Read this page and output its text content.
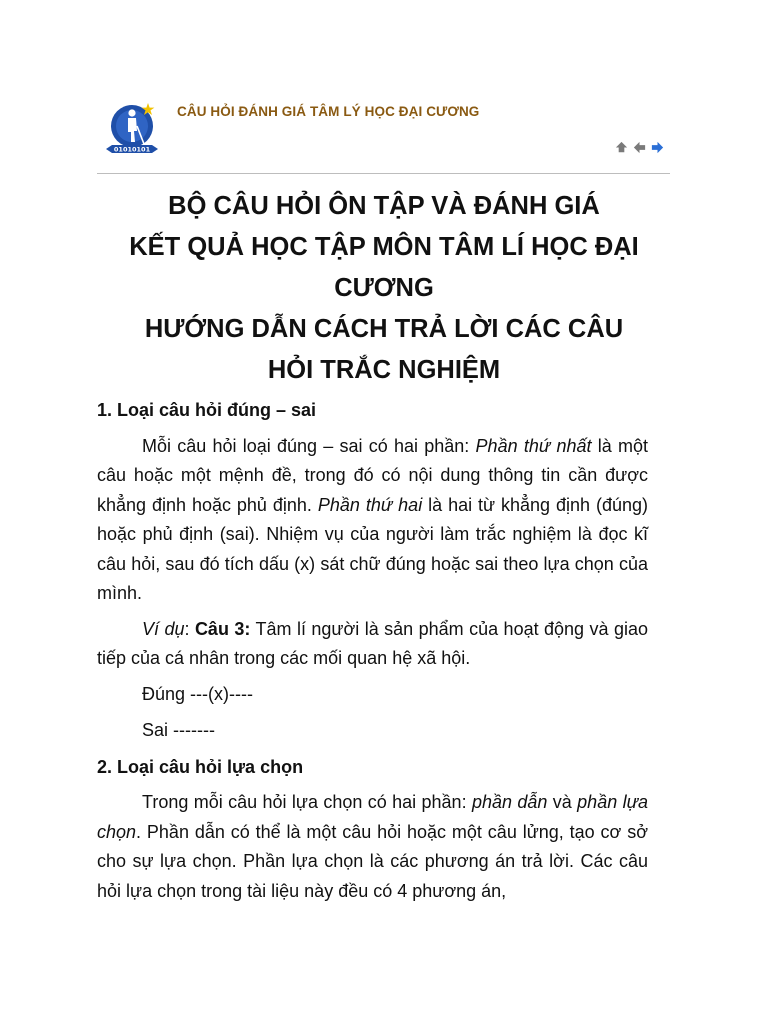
01010101
CÂU HỎI ĐÁNH GIÁ TÂM LÝ HỌC ĐẠI CƯƠNG
BỘ CÂU HỎI ÔN TẬP VÀ ĐÁNH GIÁ
KẾT QUẢ HỌC TẬP MÔN TÂM LÍ HỌC ĐẠI
CƯƠNG
HƯỚNG DẪN CÁCH TRẢ LỜI CÁC CÂU
HỎI TRẮC NGHIỆM
1. Loại câu hỏi đúng – sai

Mỗi câu hỏi loại đúng – sai có hai phần: Phần thứ nhất là một câu hoặc một mệnh đề, trong đó có nội dung thông tin cần được khẳng định hoặc phủ định. Phần thứ hai là hai từ khẳng định (đúng) hoặc phủ định (sai). Nhiệm vụ của người làm trắc nghiệm là đọc kĩ câu hỏi, sau đó tích dấu (x) sát chữ đúng hoặc sai theo lựa chọn của mình.

Ví dụ: Câu 3: Tâm lí người là sản phẩm của hoạt động và giao tiếp của cá nhân trong các mối quan hệ xã hội.

Đúng ---(x)----
Sai -------
2. Loại câu hỏi lựa chọn

Trong mỗi câu hỏi lựa chọn có hai phần: phần dẫn và phần lựa chọn. Phần dẫn có thể là một câu hỏi hoặc một câu lửng, tạo cơ sở cho sự lựa chọn. Phần lựa chọn là các phương án trả lời. Các câu hỏi lựa chọn trong tài liệu này đều có 4 phương án,
